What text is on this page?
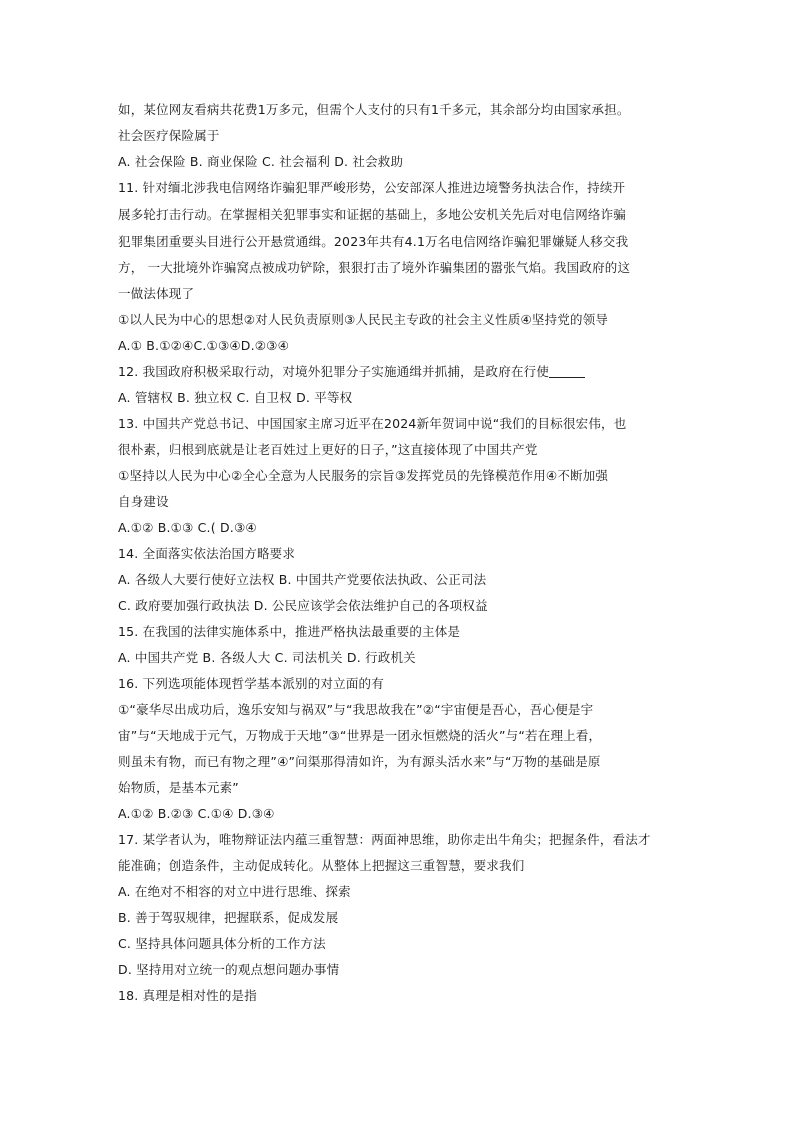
如，某位网友看病共花费1万多元，但需个人支付的只有1千多元，其余部分均由国家承担。
社会医疗保险属于
A. 社会保险 B. 商业保险 C. 社会福利 D. 社会救助
11. 针对缅北涉我电信网络诈骗犯罪严峻形势，公安部深人推进边境警务执法合作，持续开
展多轮打击行动。在掌握相关犯罪事实和证据的基础上，多地公安机关先后对电信网络诈骗
犯罪集团重要头目进行公开悬赏通缉。2023年共有4.1万名电信网络诈骗犯罪嫌疑人移交我
方， 一大批境外诈骗窝点被成功铲除，狠狠打击了境外诈骗集团的嚣张气焰。我国政府的这
一做法体现了
①以人民为中心的思想②对人民负责原则③人民民主专政的社会主义性质④坚持党的领导
A.① B.①②④C.①③④D.②③④
12. 我国政府积极采取行动，对境外犯罪分子实施通缉并抓捕，是政府在行使
A. 管辖权 B. 独立权 C. 自卫权 D. 平等权
13. 中国共产党总书记、中国国家主席习近平在2024新年贺词中说“我们的目标很宏伟，也
很朴素，归根到底就是让老百姓过上更好的日子，”这直接体现了中国共产党
①坚持以人民为中心②全心全意为人民服务的宗旨③发挥党员的先锋模范作用④不断加强
自身建设
A.①② B.①③ C.( D.③④
14. 全面落实依法治国方略要求
A. 各级人大要行使好立法权 B. 中国共产党要依法执政、公正司法
C. 政府要加强行政执法 D. 公民应该学会依法维护自己的各项权益
15. 在我国的法律实施体系中，推进严格执法最重要的主体是
A. 中国共产党 B. 各级人大 C. 司法机关 D. 行政机关
16. 下列选项能体现哲学基本派别的对立面的有
①“豪华尽出成功后，逸乐安知与祸双”与“我思故我在”②“宇宙便是吾心，吾心便是宇
宙”与“天地成于元气，万物成于天地”③“世界是一团永恒燃烧的活火”与“若在理上看，
则虽未有物，而已有物之理”④”问渠那得清如许，为有源头活水来”与“万物的基础是原
始物质，是基本元素”
A.①② B.②③ C.①④ D.③④
17. 某学者认为，唯物辩证法内蕴三重智慧：两面神思维，助你走出牛角尖；把握条件，看法才
能准确；创造条件，主动促成转化。从整体上把握这三重智慧，要求我们
A. 在绝对不相容的对立中进行思维、探索
B. 善于驾驭规律，把握联系，促成发展
C. 坚持具体问题具体分析的工作方法
D. 坚持用对立统一的观点想问题办事情
18. 真理是相对性的是指
